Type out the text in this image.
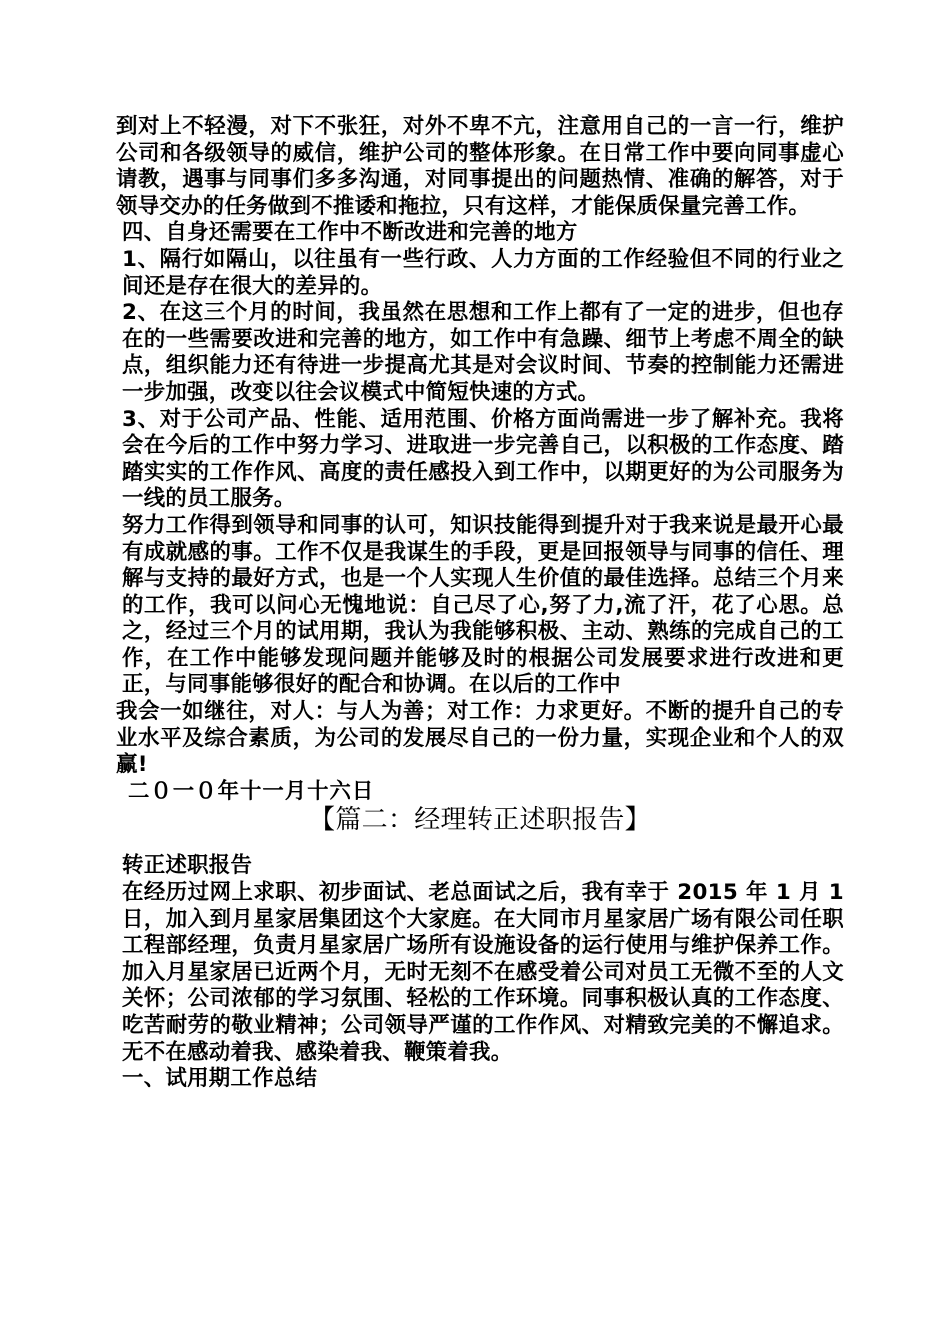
到对上不轻漫，对下不张狂，对外不卑不亢，注意用自己的一言一行，维护公司和各级领导的威信，维护公司的整体形象。在日常工作中要向同事虚心请教，遇事与同事们多多沟通，对同事提出的问题热情、准确的解答，对于领导交办的任务做到不推诿和拖拉，只有这样，才能保质保量完善工作。

四、自身还需要在工作中不断改进和完善的地方

1、隔行如隔山，以往虽有一些行政、人力方面的工作经验但不同的行业之间还是存在很大的差异的。

2、在这三个月的时间，我虽然在思想和工作上都有了一定的进步，但也存在的一些需要改进和完善的地方，如工作中有急躁、细节上考虑不周全的缺点，组织能力还有待进一步提高尤其是对会议时间、节奏的控制能力还需进一步加强，改变以往会议模式中简短快速的方式。

3、对于公司产品、性能、适用范围、价格方面尚需进一步了解补充。我将会在今后的工作中努力学习、进取进一步完善自己，以积极的工作态度、踏踏实实的工作作风、高度的责任感投入到工作中，以期更好的为公司服务为一线的员工服务。

努力工作得到领导和同事的认可，知识技能得到提升对于我来说是最开心最有成就感的事。工作不仅是我谋生的手段，更是回报领导与同事的信任、理解与支持的最好方式，也是一个人实现人生价值的最佳选择。总结三个月来的工作，我可以问心无愧地说：自己尽了心,努了力,流了汗，花了心思。总之，经过三个月的试用期，我认为我能够积极、主动、熟练的完成自己的工作，在工作中能够发现问题并能够及时的根据公司发展要求进行改进和更正，与同事能够很好的配合和协调。在以后的工作中

我会一如继往，对人：与人为善；对工作：力求更好。不断的提升自己的专业水平及综合素质，为公司的发展尽自己的一份力量，实现企业和个人的双赢!

二０一０年十一月十六日

【篇二：经理转正述职报告】

转正述职报告

在经历过网上求职、初步面试、老总面试之后，我有幸于 2015 年 1 月 1 日，加入到月星家居集团这个大家庭。在大同市月星家居广场有限公司任职工程部经理，负责月星家居广场所有设施设备的运行使用与维护保养工作。加入月星家居已近两个月，无时无刻不在感受着公司对员工无微不至的人文关怀；公司浓郁的学习氛围、轻松的工作环境。同事积极认真的工作态度、吃苦耐劳的敬业精神；公司领导严谨的工作作风、对精致完美的不懈追求。无不在感动着我、感染着我、鞭策着我。

一、试用期工作总结
